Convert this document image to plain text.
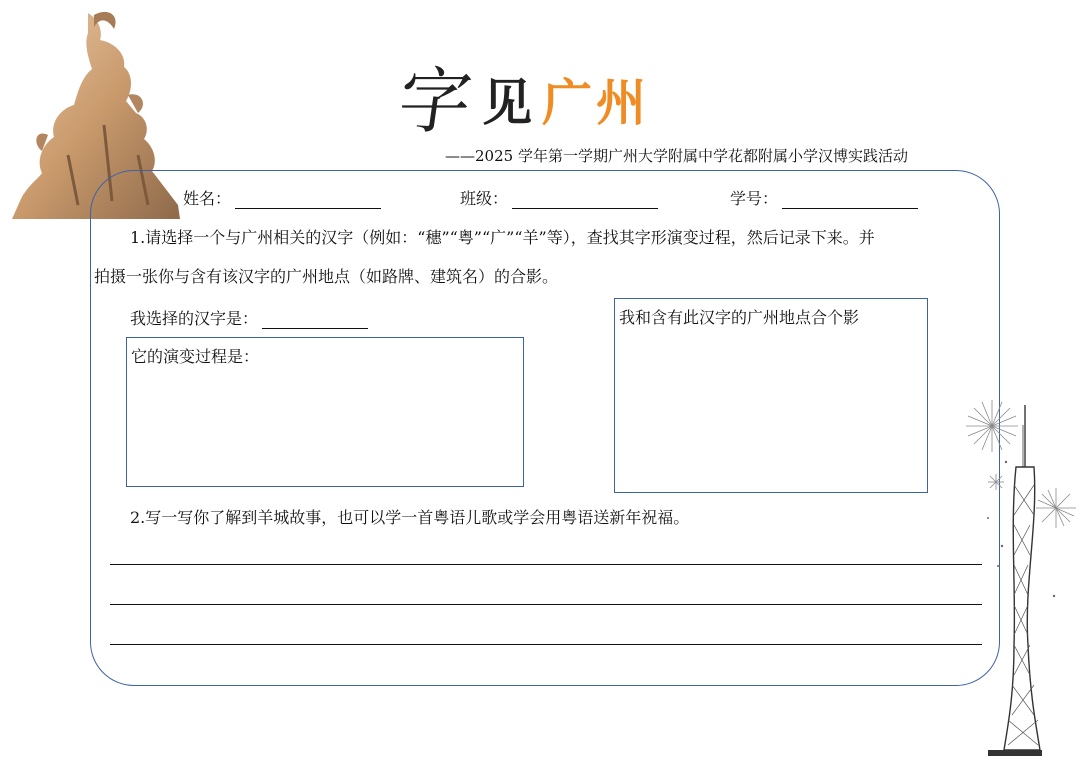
字 见 广州
——2025 学年第一学期广州大学附属中学花都附属小学汉博实践活动
姓名：	班级：	学号：
1.请选择一个与广州相关的汉字（例如：“穗”“粤”“广”“羊”等），查找其字形演变过程，然后记录下来。并
拍摄一张你与含有该汉字的广州地点（如路牌、建筑名）的合影。
我选择的汉字是：
它的演变过程是：
我和含有此汉字的广州地点合个影
2.写一写你了解到羊城故事，也可以学一首粤语儿歌或学会用粤语送新年祝福。
